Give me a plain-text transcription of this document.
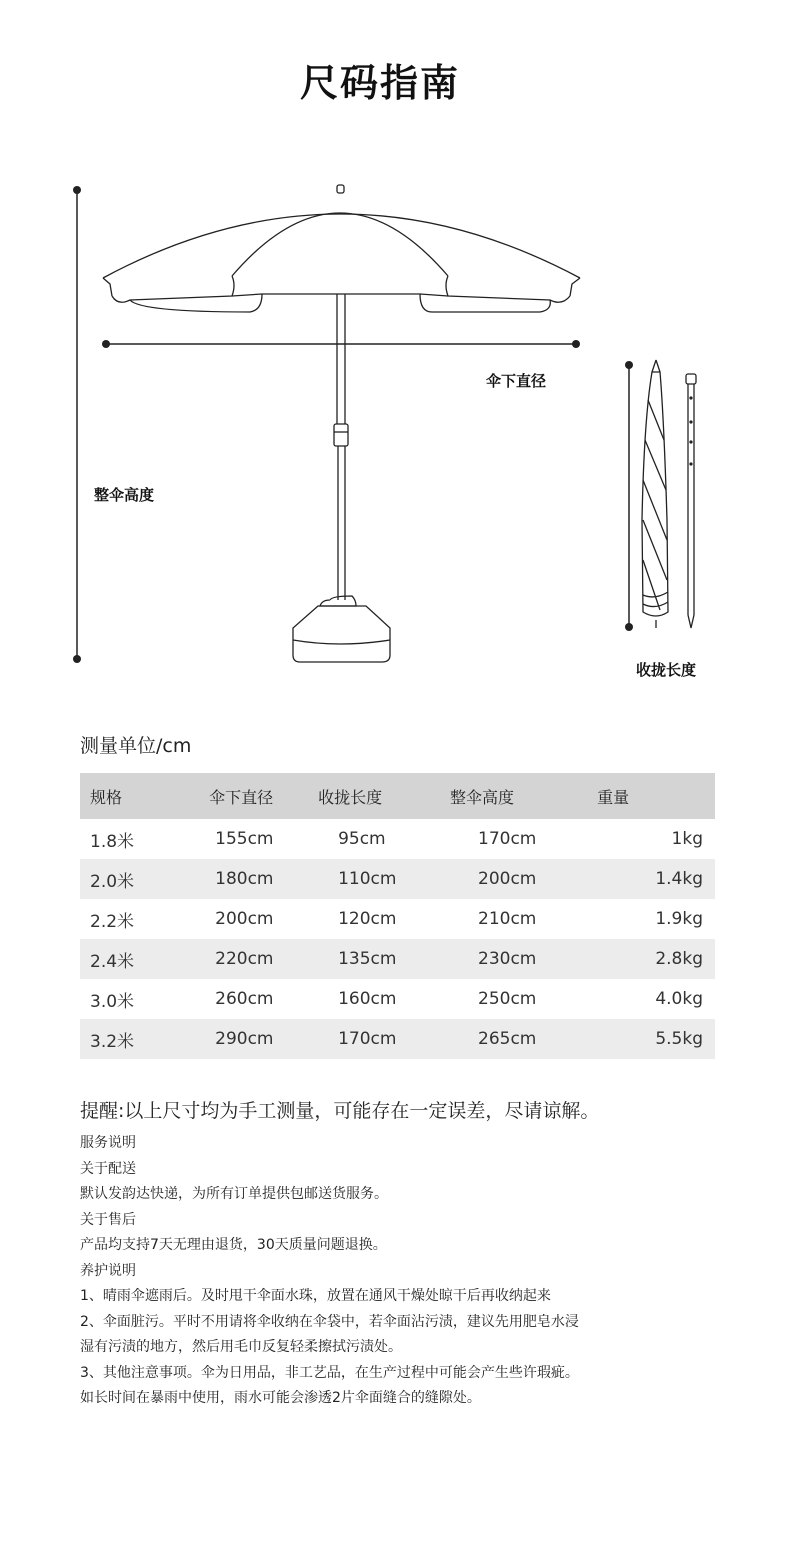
尺码指南
伞下直径
整伞高度
收拢长度
测量单位/cm
规格	伞下直径	收拢长度	整伞高度	重量
1.8米	155cm	95cm	170cm	1kg
2.0米	180cm	110cm	200cm	1.4kg
2.2米	200cm	120cm	210cm	1.9kg
2.4米	220cm	135cm	230cm	2.8kg
3.0米	260cm	160cm	250cm	4.0kg
3.2米	290cm	170cm	265cm	5.5kg
提醒:以上尺寸均为手工测量，可能存在一定误差，尽请谅解。
服务说明
关于配送
默认发韵达快递，为所有订单提供包邮送货服务。
关于售后
产品均支持7天无理由退货，30天质量问题退换。
养护说明
1、晴雨伞遮雨后。及时甩干伞面水珠，放置在通风干燥处晾干后再收纳起来
2、伞面脏污。平时不用请将伞收纳在伞袋中，若伞面沾污渍，建议先用肥皂水浸
湿有污渍的地方，然后用毛巾反复轻柔擦拭污渍处。
3、其他注意事项。伞为日用品，非工艺品，在生产过程中可能会产生些许瑕疵。
如长时间在暴雨中使用，雨水可能会渗透2片伞面缝合的缝隙处。
